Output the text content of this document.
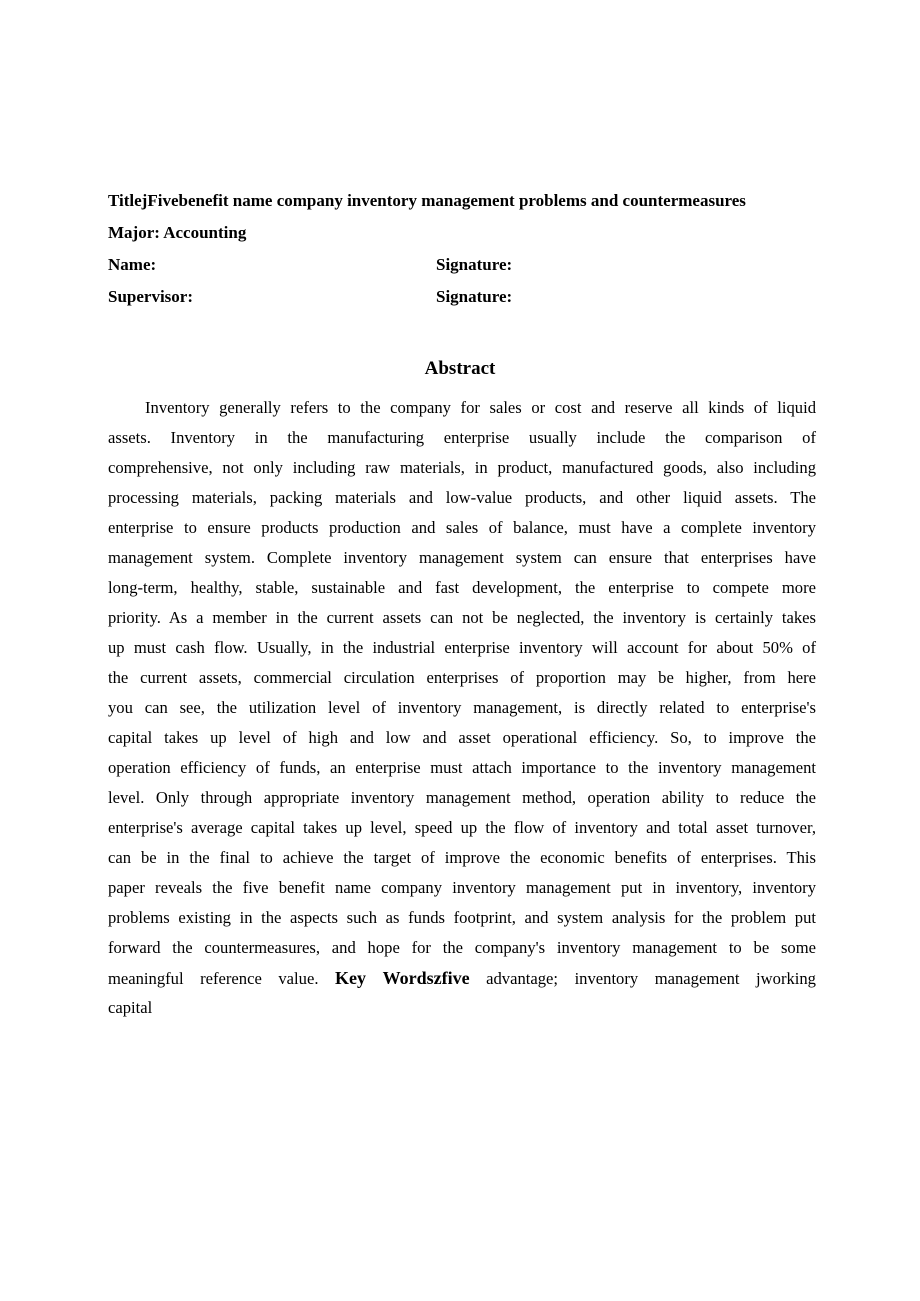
TitlejFivebenefit name company inventory management problems and countermeasures
Major: Accounting
Name:	Signature:
Supervisor:	Signature:
Abstract
Inventory generally refers to the company for sales or cost and reserve all kinds of liquid
assets. Inventory in the manufacturing enterprise usually include the comparison of
comprehensive, not only including raw materials, in product, manufactured goods, also including
processing materials, packing materials and low-value products, and other liquid assets. The
enterprise to ensure products production and sales of balance, must have a complete inventory
management system. Complete inventory management system can ensure that enterprises have
long-term, healthy, stable, sustainable and fast development, the enterprise to compete more
priority. As a member in the current assets can not be neglected, the inventory is certainly takes
up must cash flow. Usually, in the industrial enterprise inventory will account for about 50% of
the current assets, commercial circulation enterprises of proportion may be higher, from here
you can see, the utilization level of inventory management, is directly related to enterprise's
capital takes up level of high and low and asset operational efficiency. So, to improve the
operation efficiency of funds, an enterprise must attach importance to the inventory management
level. Only through appropriate inventory management method, operation ability to reduce the
enterprise's average capital takes up level, speed up the flow of inventory and total asset turnover,
can be in the final to achieve the target of improve the economic benefits of enterprises. This
paper reveals the five benefit name company inventory management put in inventory, inventory
problems existing in the aspects such as funds footprint, and system analysis for the problem put
forward the countermeasures, and hope for the company's inventory management to be some
meaningful reference value. Key Wordszfive advantage; inventory management jworking
capital
